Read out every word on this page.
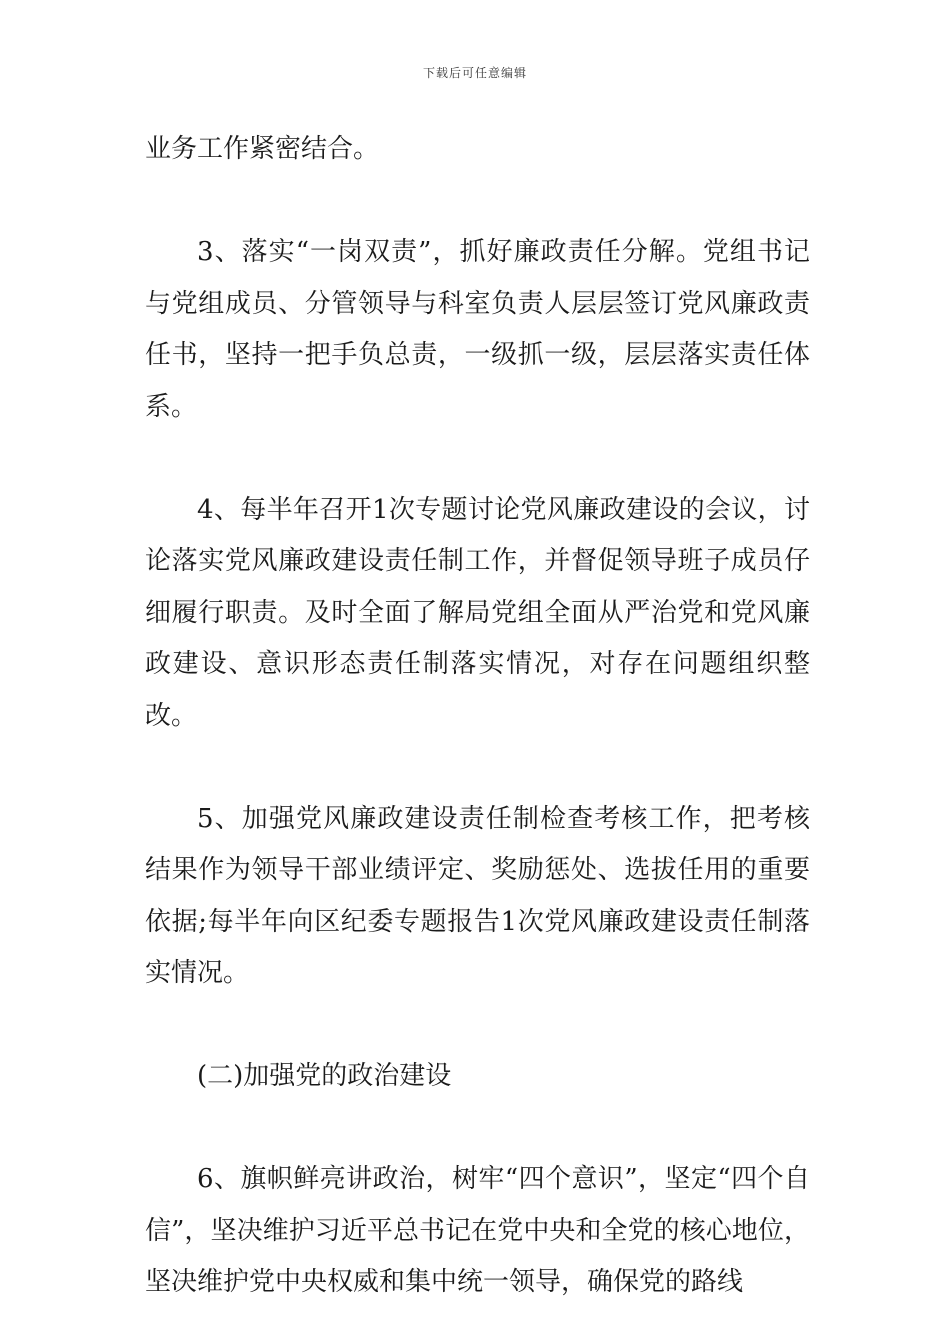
下载后可任意编辑

业务工作紧密结合。

3、落实“一岗双责”，抓好廉政责任分解。党组书记与党组成员、分管领导与科室负责人层层签订党风廉政责任书，坚持一把手负总责，一级抓一级，层层落实责任体系。

4、每半年召开1次专题讨论党风廉政建设的会议，讨论落实党风廉政建设责任制工作，并督促领导班子成员仔细履行职责。及时全面了解局党组全面从严治党和党风廉政建设、意识形态责任制落实情况，对存在问题组织整改。

5、加强党风廉政建设责任制检查考核工作，把考核结果作为领导干部业绩评定、奖励惩处、选拔任用的重要依据;每半年向区纪委专题报告1次党风廉政建设责任制落实情况。

(二)加强党的政治建设

6、旗帜鲜亮讲政治，树牢“四个意识”，坚定“四个自信”，坚决维护习近平总书记在党中央和全党的核心地位，坚决维护党中央权威和集中统一领导，确保党的路线
